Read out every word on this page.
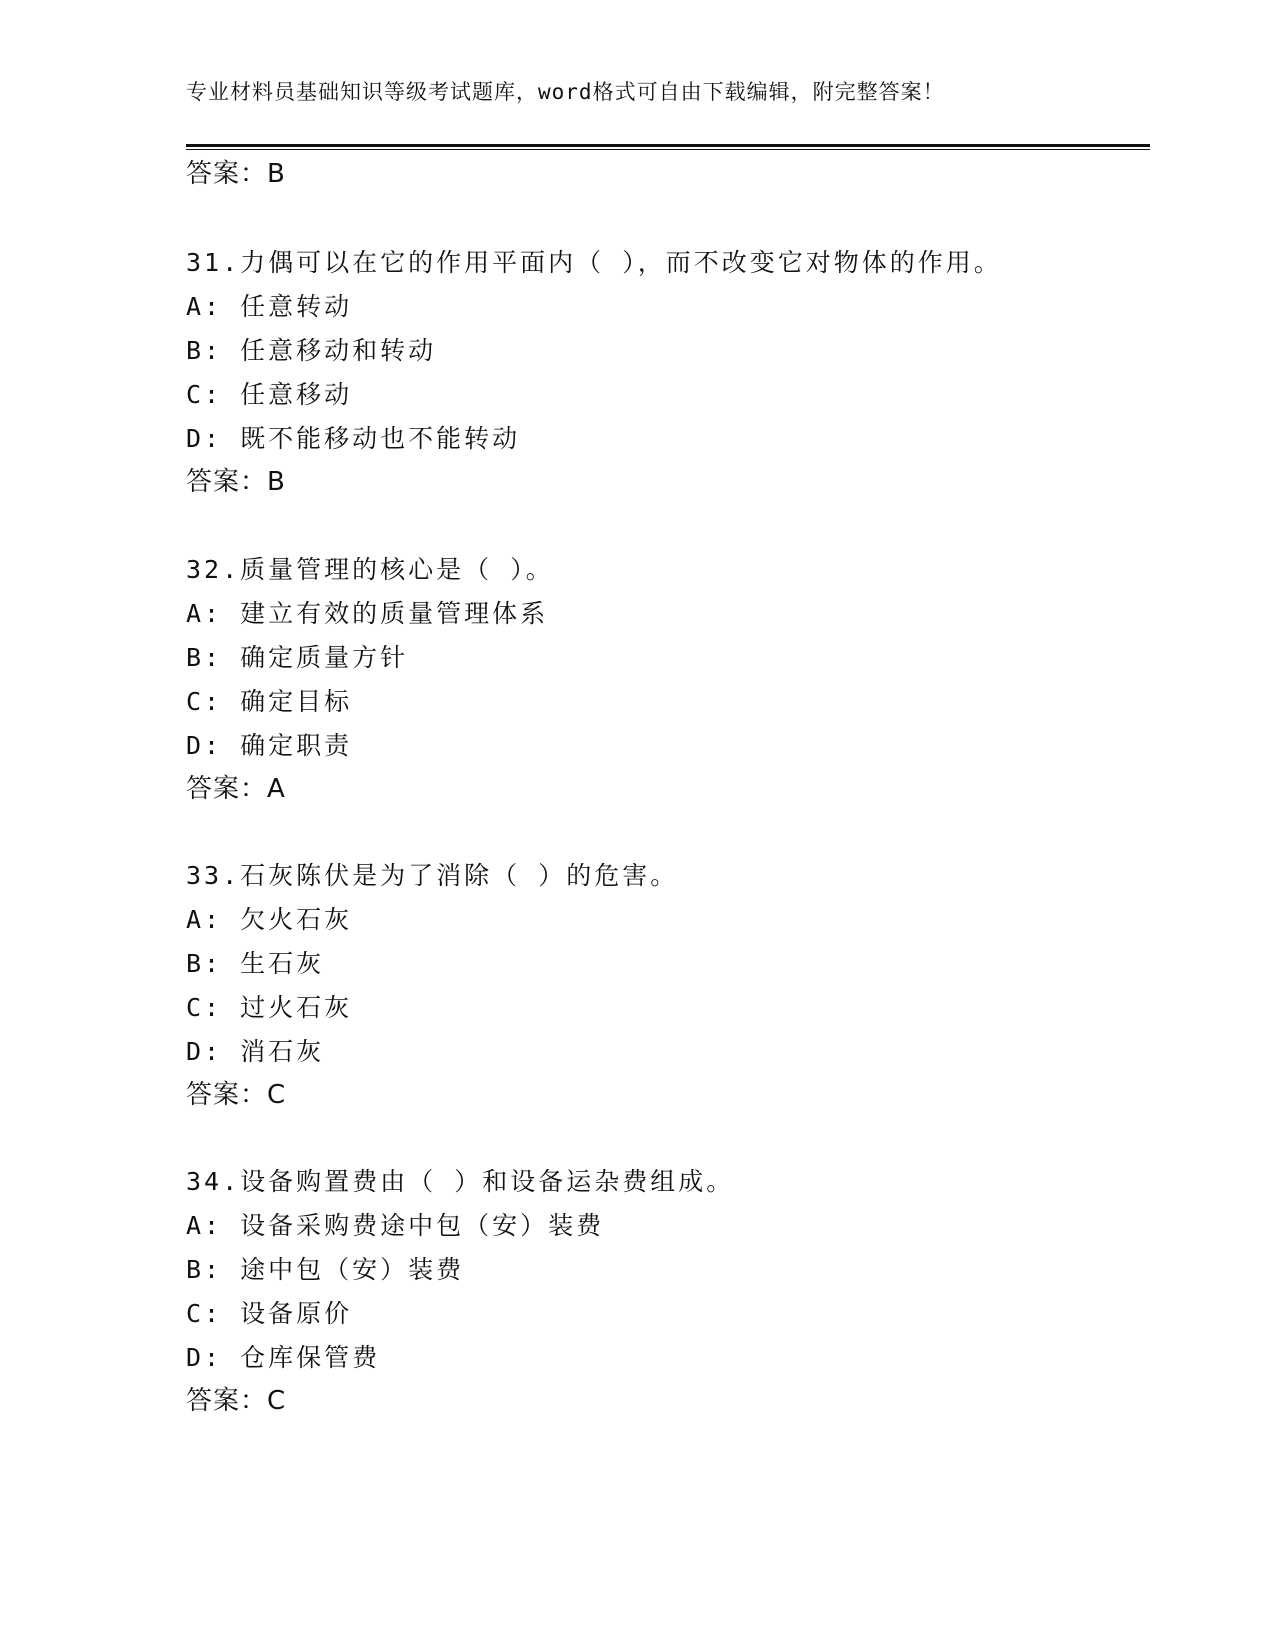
专业材料员基础知识等级考试题库，word格式可自由下载编辑，附完整答案！
答案：B
31.力偶可以在它的作用平面内（ ），而不改变它对物体的作用。
A: 任意转动
B: 任意移动和转动
C: 任意移动
D: 既不能移动也不能转动
答案：B
32.质量管理的核心是（ ）。
A: 建立有效的质量管理体系
B: 确定质量方针
C: 确定目标
D: 确定职责
答案：A
33.石灰陈伏是为了消除（ ）的危害。
A: 欠火石灰
B: 生石灰
C: 过火石灰
D: 消石灰
答案：C
34.设备购置费由（ ）和设备运杂费组成。
A: 设备采购费途中包（安）装费
B: 途中包（安）装费
C: 设备原价
D: 仓库保管费
答案：C
